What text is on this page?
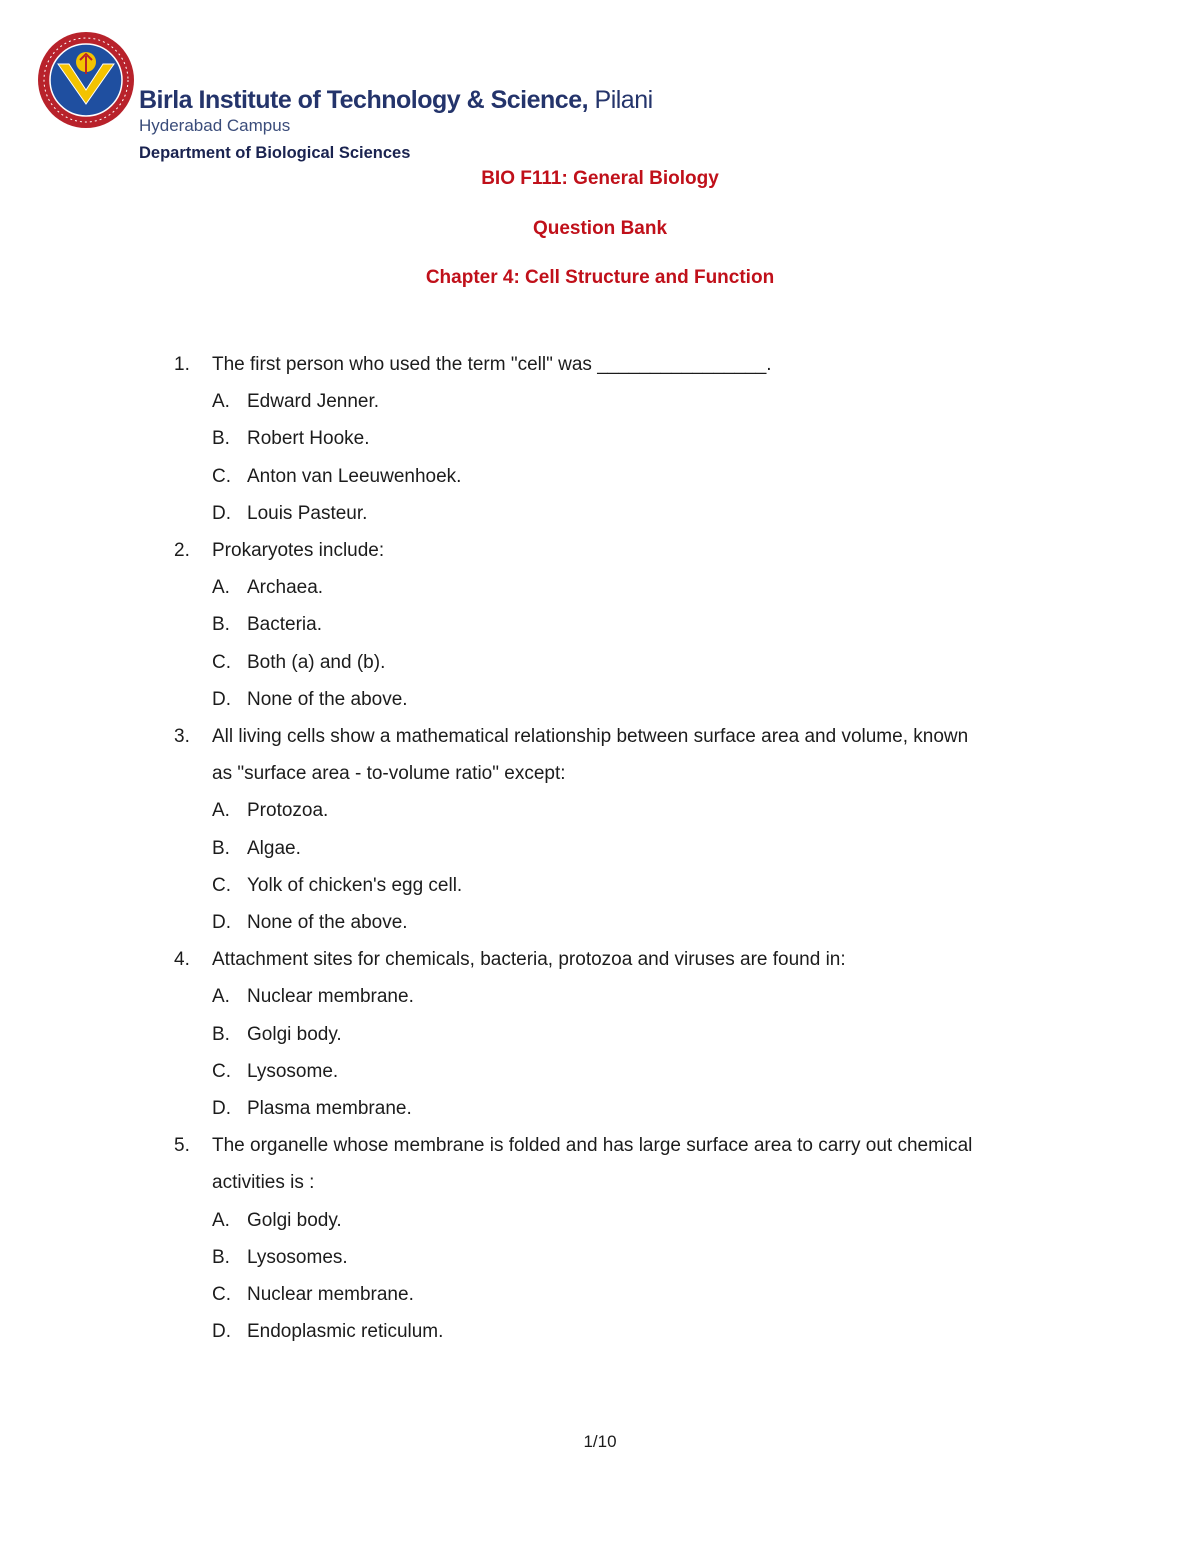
Birla Institute of Technology & Science, Pilani
Hyderabad Campus
Department of Biological Sciences
BIO F111: General Biology
Question Bank
Chapter 4: Cell Structure and Function
1. The first person who used the term "cell" was ________________.
A. Edward Jenner.
B. Robert Hooke.
C. Anton van Leeuwenhoek.
D. Louis Pasteur.
2. Prokaryotes include:
A. Archaea.
B. Bacteria.
C. Both (a) and (b).
D. None of the above.
3. All living cells show a mathematical relationship between surface area and volume, known
as "surface area - to-volume ratio" except:
A. Protozoa.
B. Algae.
C. Yolk of chicken's egg cell.
D. None of the above.
4. Attachment sites for chemicals, bacteria, protozoa and viruses are found in:
A. Nuclear membrane.
B. Golgi body.
C. Lysosome.
D. Plasma membrane.
5. The organelle whose membrane is folded and has large surface area to carry out chemical
activities is :
A. Golgi body.
B. Lysosomes.
C. Nuclear membrane.
D. Endoplasmic reticulum.
1/10
